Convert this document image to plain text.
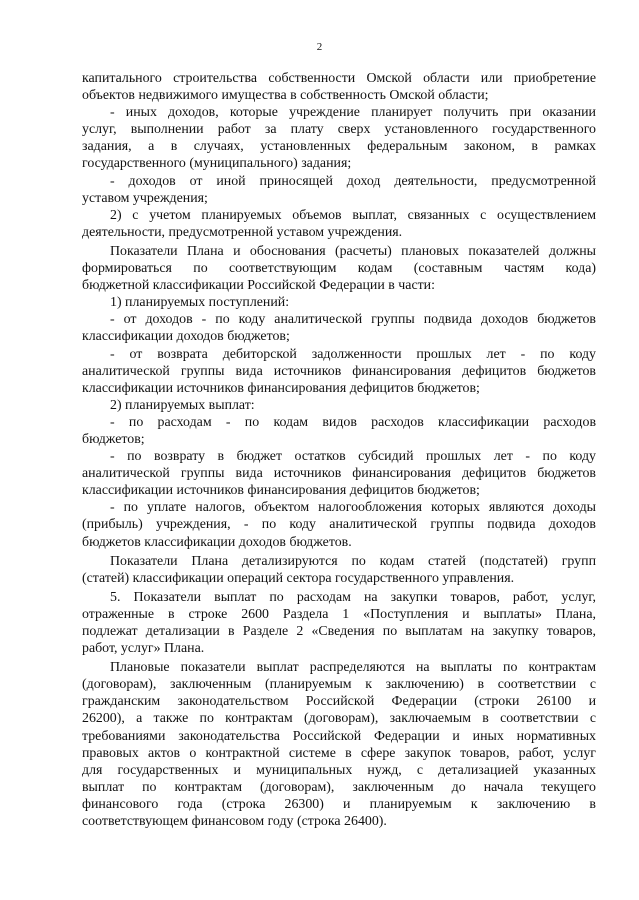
2
капитального строительства собственности Омской области или приобретение
объектов недвижимого имущества в собственность Омской области;
- иных доходов, которые учреждение планирует получить при оказании
услуг, выполнении работ за плату сверх установленного государственного
задания, а в случаях, установленных федеральным законом, в рамках
государственного (муниципального) задания;
- доходов от иной приносящей доход деятельности, предусмотренной
уставом учреждения;
2) с учетом планируемых объемов выплат, связанных с осуществлением
деятельности, предусмотренной уставом учреждения.
Показатели Плана и обоснования (расчеты) плановых показателей должны
формироваться по соответствующим кодам (составным частям кода)
бюджетной классификации Российской Федерации в части:
1) планируемых поступлений:
- от доходов - по коду аналитической группы подвида доходов бюджетов
классификации доходов бюджетов;
- от возврата дебиторской задолженности прошлых лет - по коду
аналитической группы вида источников финансирования дефицитов бюджетов
классификации источников финансирования дефицитов бюджетов;
2) планируемых выплат:
- по расходам - по кодам видов расходов классификации расходов
бюджетов;
- по возврату в бюджет остатков субсидий прошлых лет - по коду
аналитической группы вида источников финансирования дефицитов бюджетов
классификации источников финансирования дефицитов бюджетов;
- по уплате налогов, объектом налогообложения которых являются доходы
(прибыль) учреждения, - по коду аналитической группы подвида доходов
бюджетов классификации доходов бюджетов.
Показатели Плана детализируются по кодам статей (подстатей) групп
(статей) классификации операций сектора государственного управления.
5. Показатели выплат по расходам на закупки товаров, работ, услуг,
отраженные в строке 2600 Раздела 1 «Поступления и выплаты» Плана,
подлежат детализации в Разделе 2 «Сведения по выплатам на закупку товаров,
работ, услуг» Плана.
Плановые показатели выплат распределяются на выплаты по контрактам
(договорам), заключенным (планируемым к заключению) в соответствии с
гражданским законодательством Российской Федерации (строки 26100 и
26200), а также по контрактам (договорам), заключаемым в соответствии с
требованиями законодательства Российской Федерации и иных нормативных
правовых актов о контрактной системе в сфере закупок товаров, работ, услуг
для государственных и муниципальных нужд, с детализацией указанных
выплат по контрактам (договорам), заключенным до начала текущего
финансового года (строка 26300) и планируемым к заключению в
соответствующем финансовом году (строка 26400).
